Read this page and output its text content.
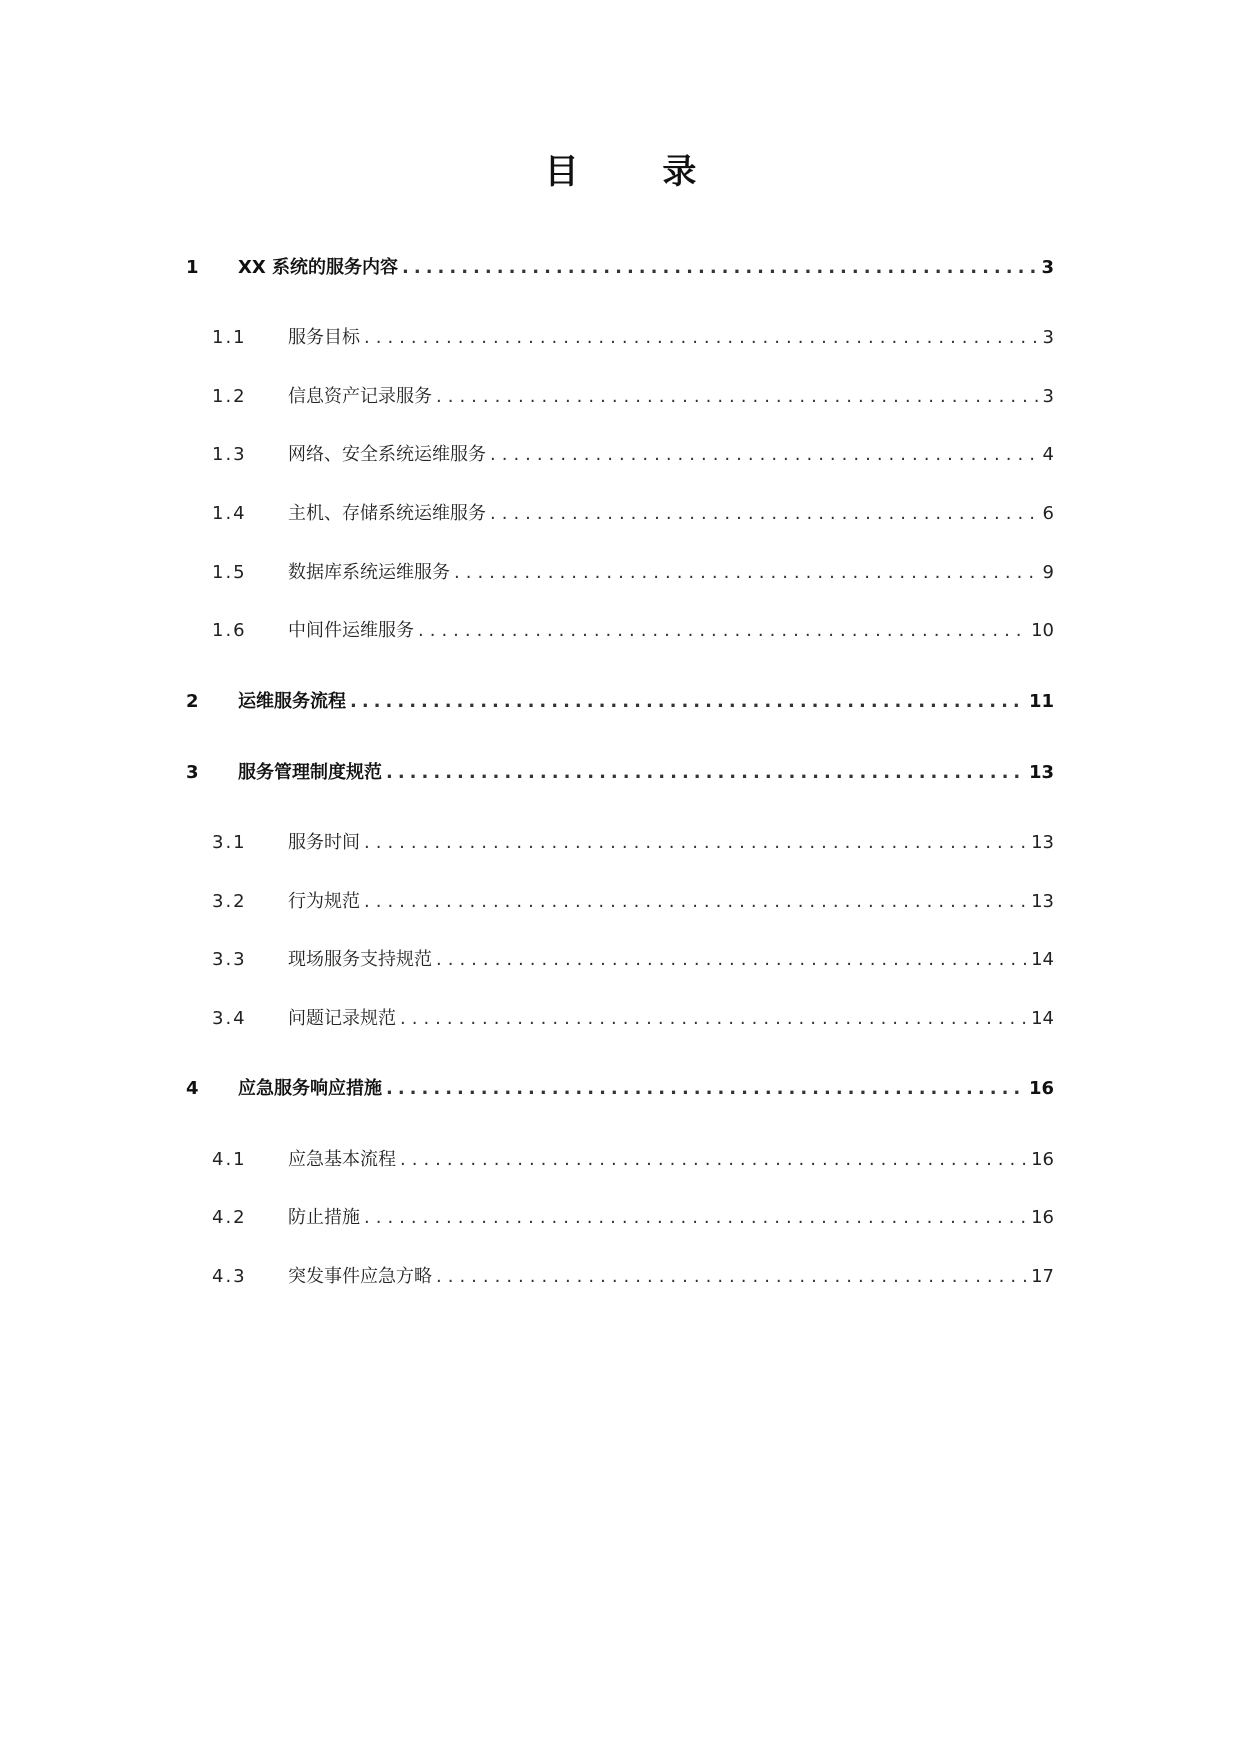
目 录
1	XX 系统的服务内容 .....	3
1.1	服务目标 .....	3
1.2	信息资产记录服务 .....	3
1.3	网络、安全系统运维服务 .....	4
1.4	主机、存储系统运维服务 .....	6
1.5	数据库系统运维服务 .....	9
1.6	中间件运维服务 .....	10
2	运维服务流程 .....	11
3	服务管理制度规范 .....	13
3.1	服务时间 .....	13
3.2	行为规范 .....	13
3.3	现场服务支持规范 .....	14
3.4	问题记录规范 .....	14
4	应急服务响应措施 .....	16
4.1	应急基本流程 .....	16
4.2	防止措施 .....	16
4.3	突发事件应急方略 .....	17
